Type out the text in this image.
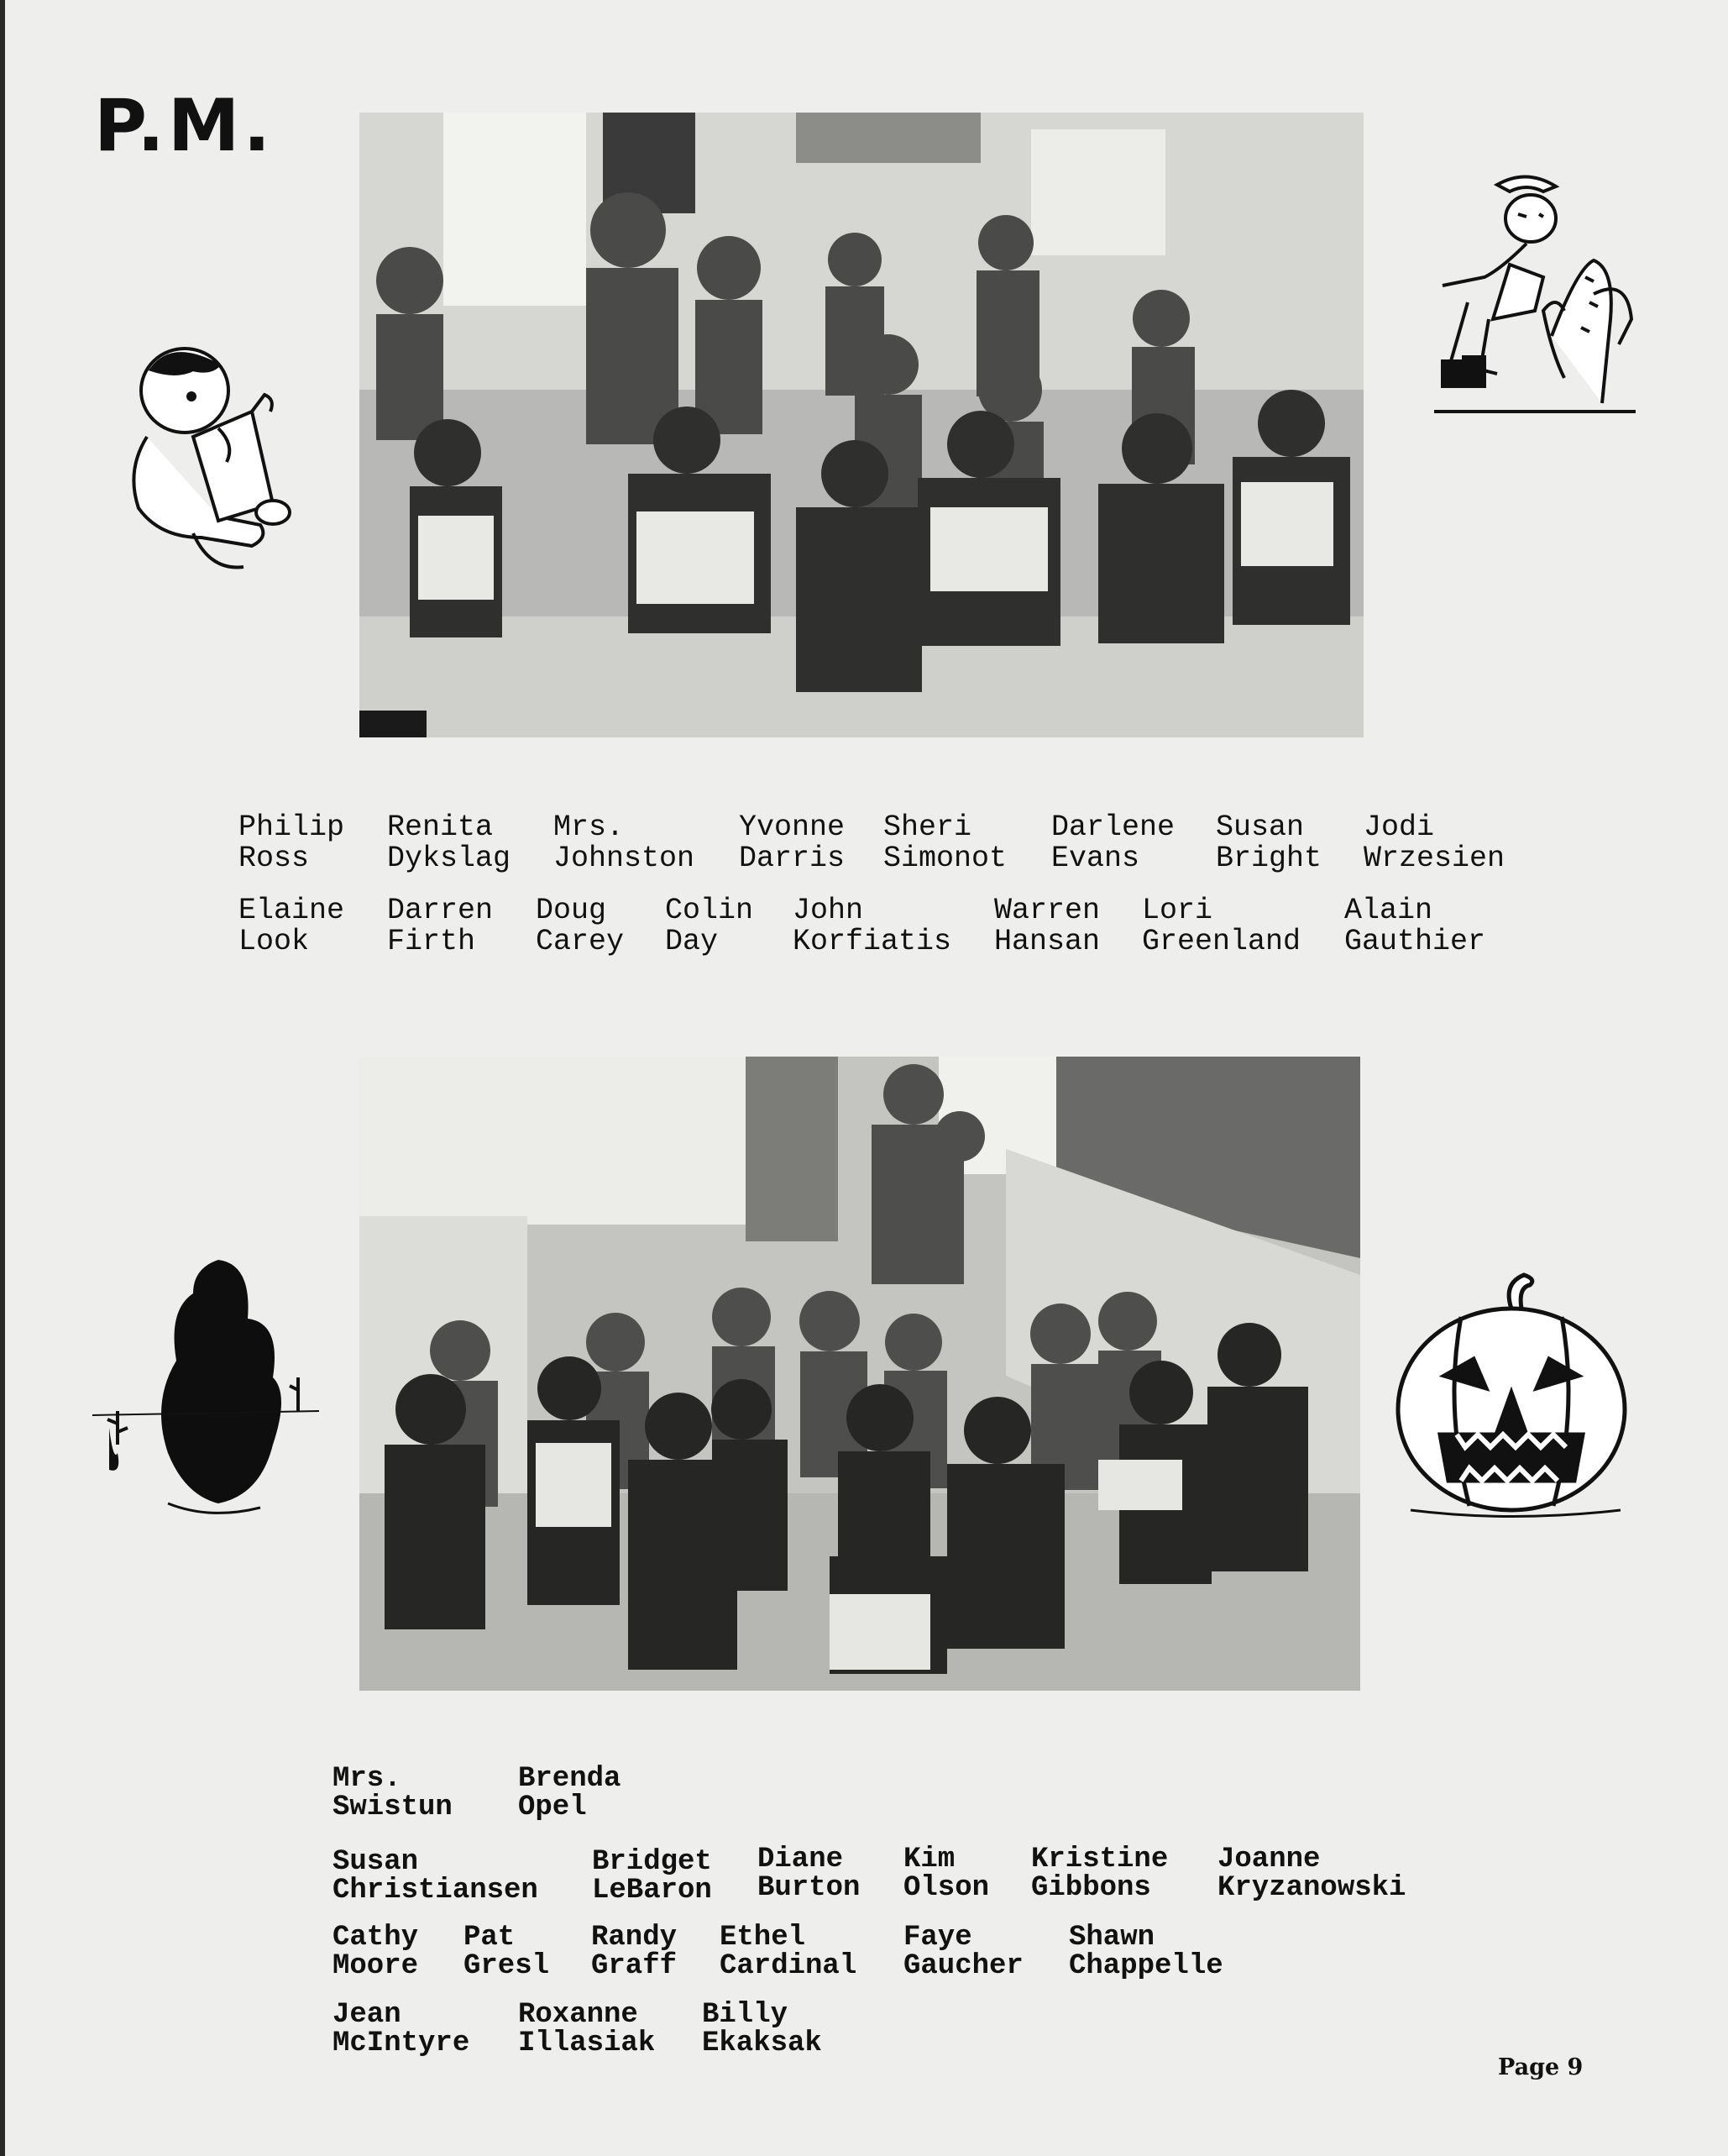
P.M.
Philip
Ross
Renita
Dykslag
Mrs.
Johnston
Yvonne
Darris
Sheri
Simonot
Darlene
Evans
Susan
Bright
Jodi
Wrzesien
Elaine
Look
Darren
Firth
Doug
Carey
Colin
Day
John
Korfiatis
Warren
Hansan
Lori
Greenland
Alain
Gauthier
Mrs.
Swistun
Brenda
Opel
Susan
Christiansen
Bridget
LeBaron
Diane
Burton
Kim
Olson
Kristine
Gibbons
Joanne
Kryzanowski
Cathy
Moore
Pat
Gresl
Randy
Graff
Ethel
Cardinal
Faye
Gaucher
Shawn
Chappelle
Jean
McIntyre
Roxanne
Illasiak
Billy
Ekaksak
Page 9
